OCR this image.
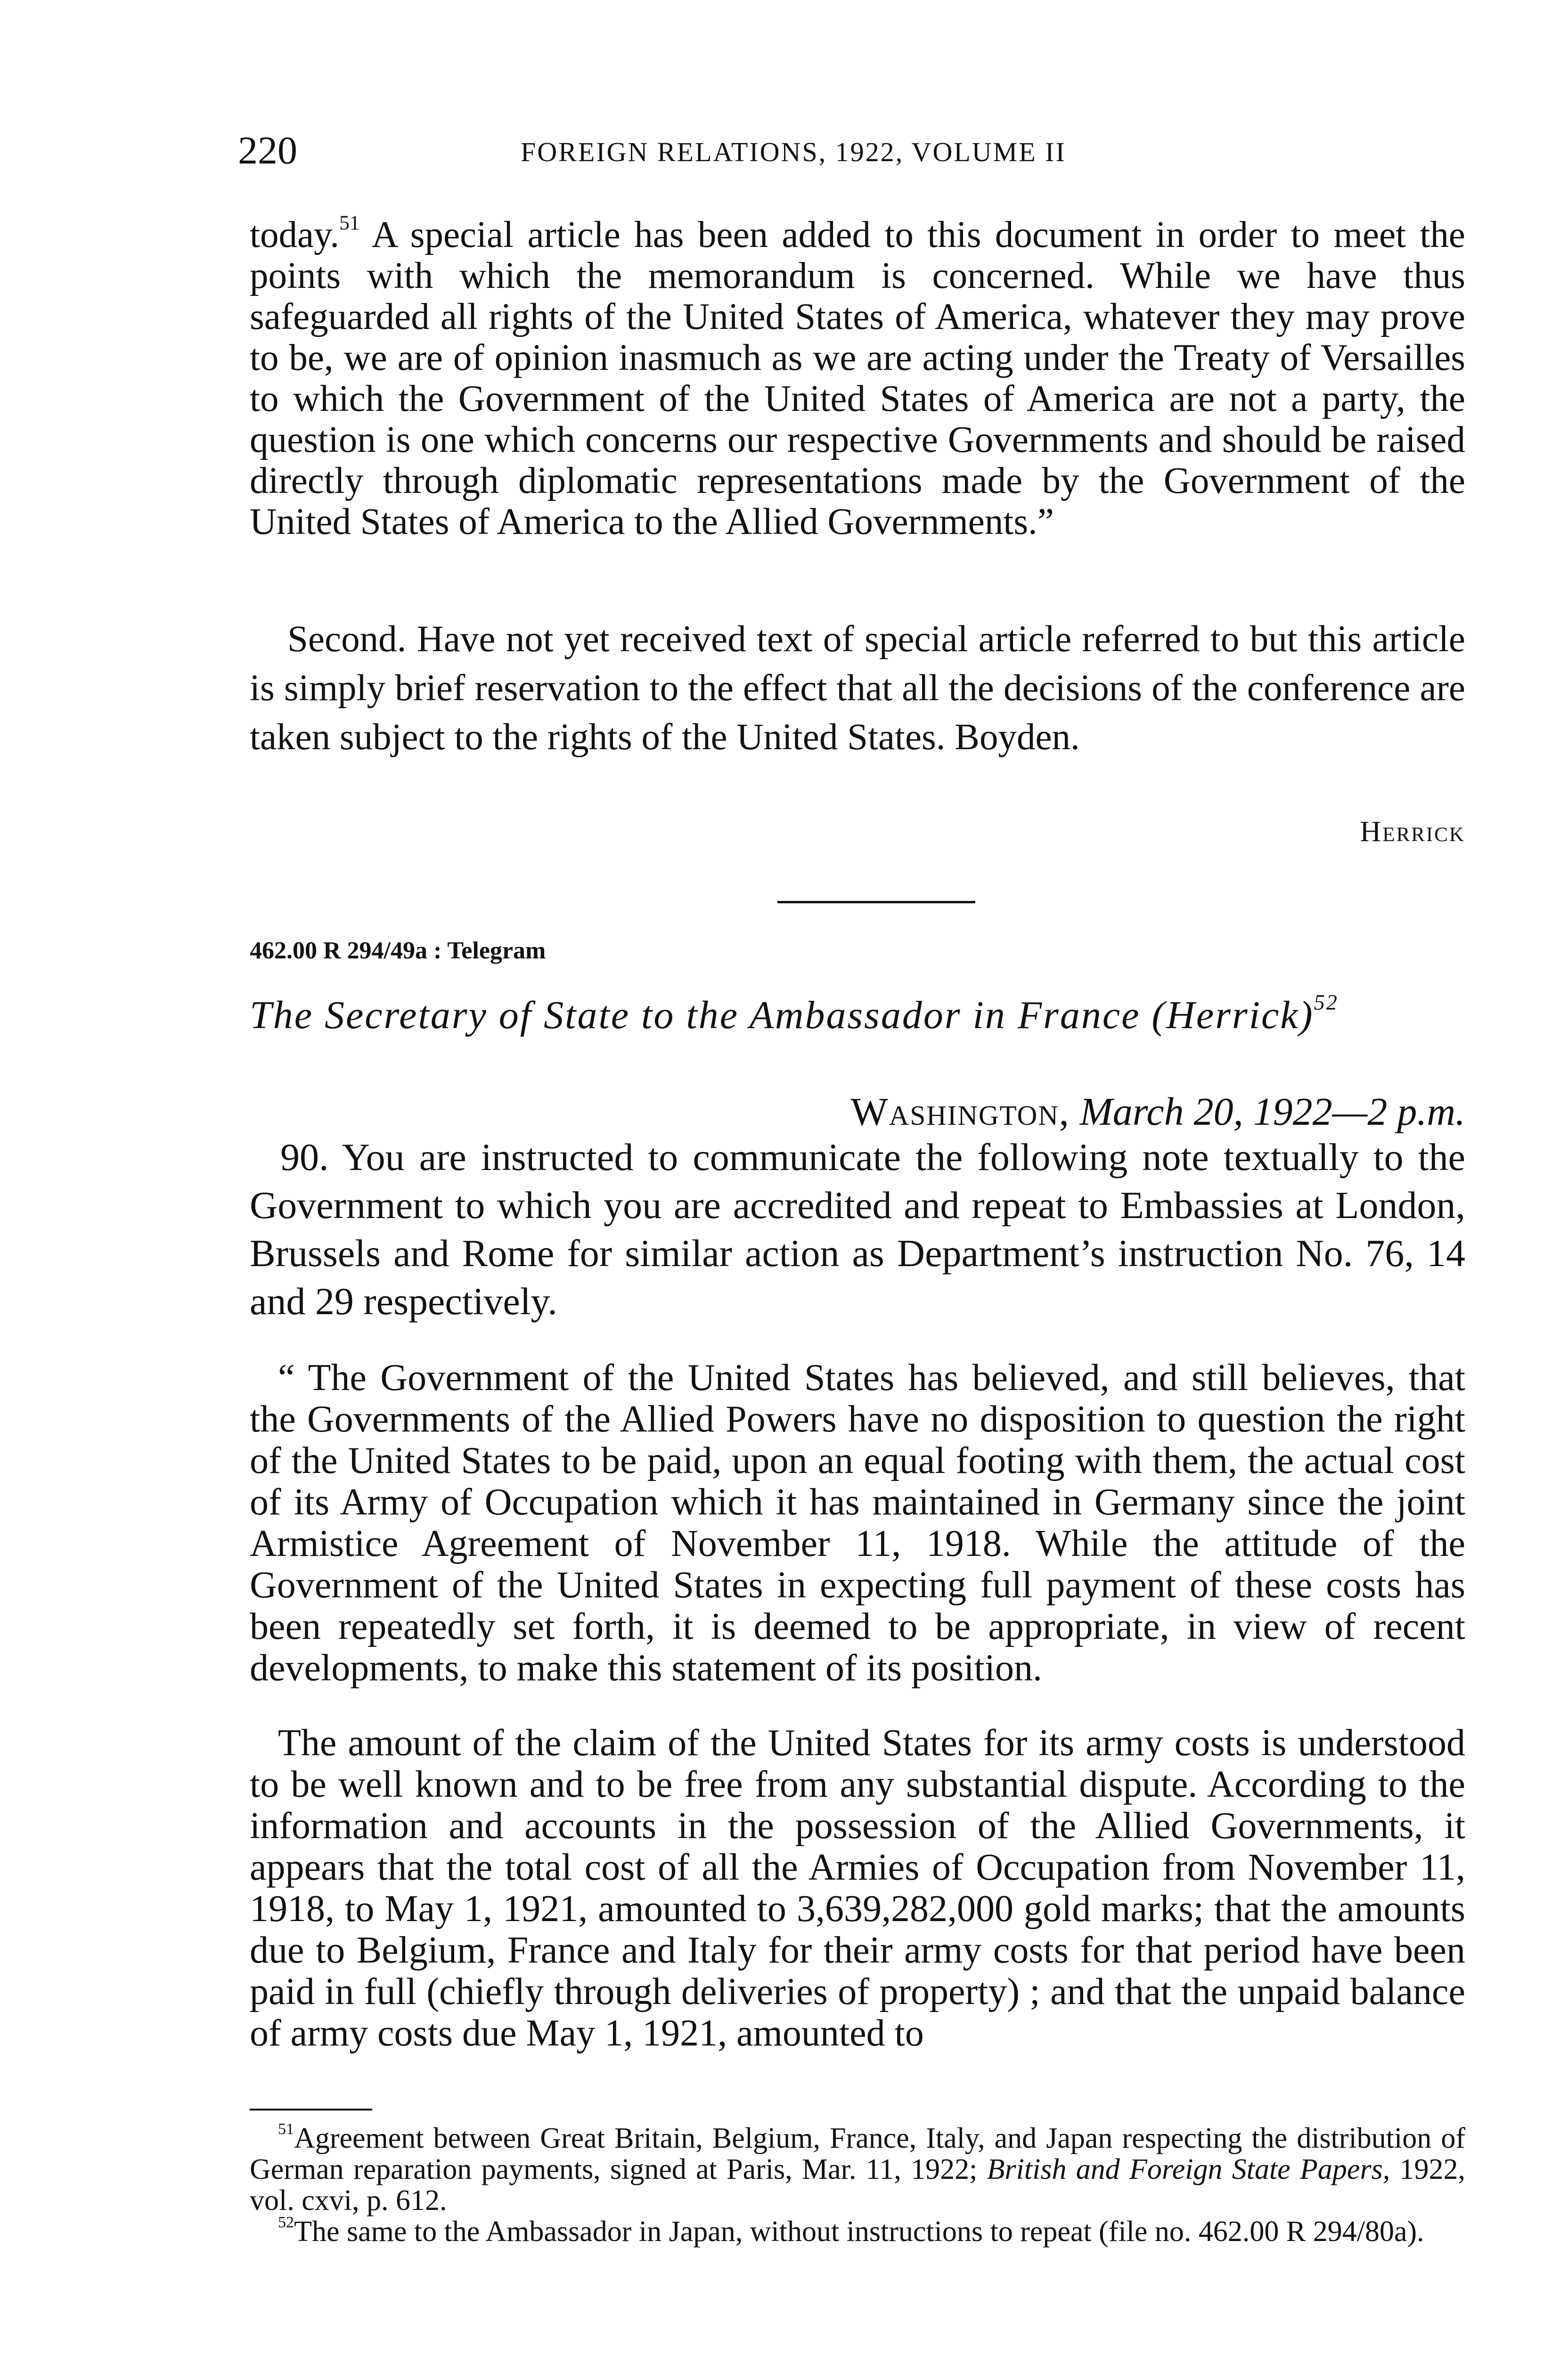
220	FOREIGN RELATIONS, 1922, VOLUME II
today.$^{51}$ A special article has been added to this document in order to meet the points with which the memorandum is concerned. While we have thus safeguarded all rights of the United States of America, whatever they may prove to be, we are of opinion inasmuch as we are acting under the Treaty of Versailles to which the Government of the United States of America are not a party, the question is one which concerns our respective Governments and should be raised directly through diplomatic representations made by the Government of the United States of America to the Allied Governments.”
Second. Have not yet received text of special article referred to but this article is simply brief reservation to the effect that all the decisions of the conference are taken subject to the rights of the United States. Boyden.
Herrick
462.00 R 294/49a : Telegram
The Secretary of State to the Ambassador in France (Herrick)$^{52}$
Washington, March 20, 1922—2 p.m.
90. You are instructed to communicate the following note textually to the Government to which you are accredited and repeat to Embassies at London, Brussels and Rome for similar action as Department’s instruction No. 76, 14 and 29 respectively.
“ The Government of the United States has believed, and still believes, that the Governments of the Allied Powers have no disposition to question the right of the United States to be paid, upon an equal footing with them, the actual cost of its Army of Occupation which it has maintained in Germany since the joint Armistice Agreement of November 11, 1918. While the attitude of the Government of the United States in expecting full payment of these costs has been repeatedly set forth, it is deemed to be appropriate, in view of recent developments, to make this statement of its position.
The amount of the claim of the United States for its army costs is understood to be well known and to be free from any substantial dispute. According to the information and accounts in the possession of the Allied Governments, it appears that the total cost of all the Armies of Occupation from November 11, 1918, to May 1, 1921, amounted to 3,639,282,000 gold marks; that the amounts due to Belgium, France and Italy for their army costs for that period have been paid in full (chiefly through deliveries of property) ; and that the unpaid balance of army costs due May 1, 1921, amounted to

$^{51}$Agreement between Great Britain, Belgium, France, Italy, and Japan respecting the distribution of German reparation payments, signed at Paris, Mar. 11, 1922; British and Foreign State Papers, 1922, vol. cxvi, p. 612.

$^{52}$The same to the Ambassador in Japan, without instructions to repeat (file no. 462.00 R 294/80a).
